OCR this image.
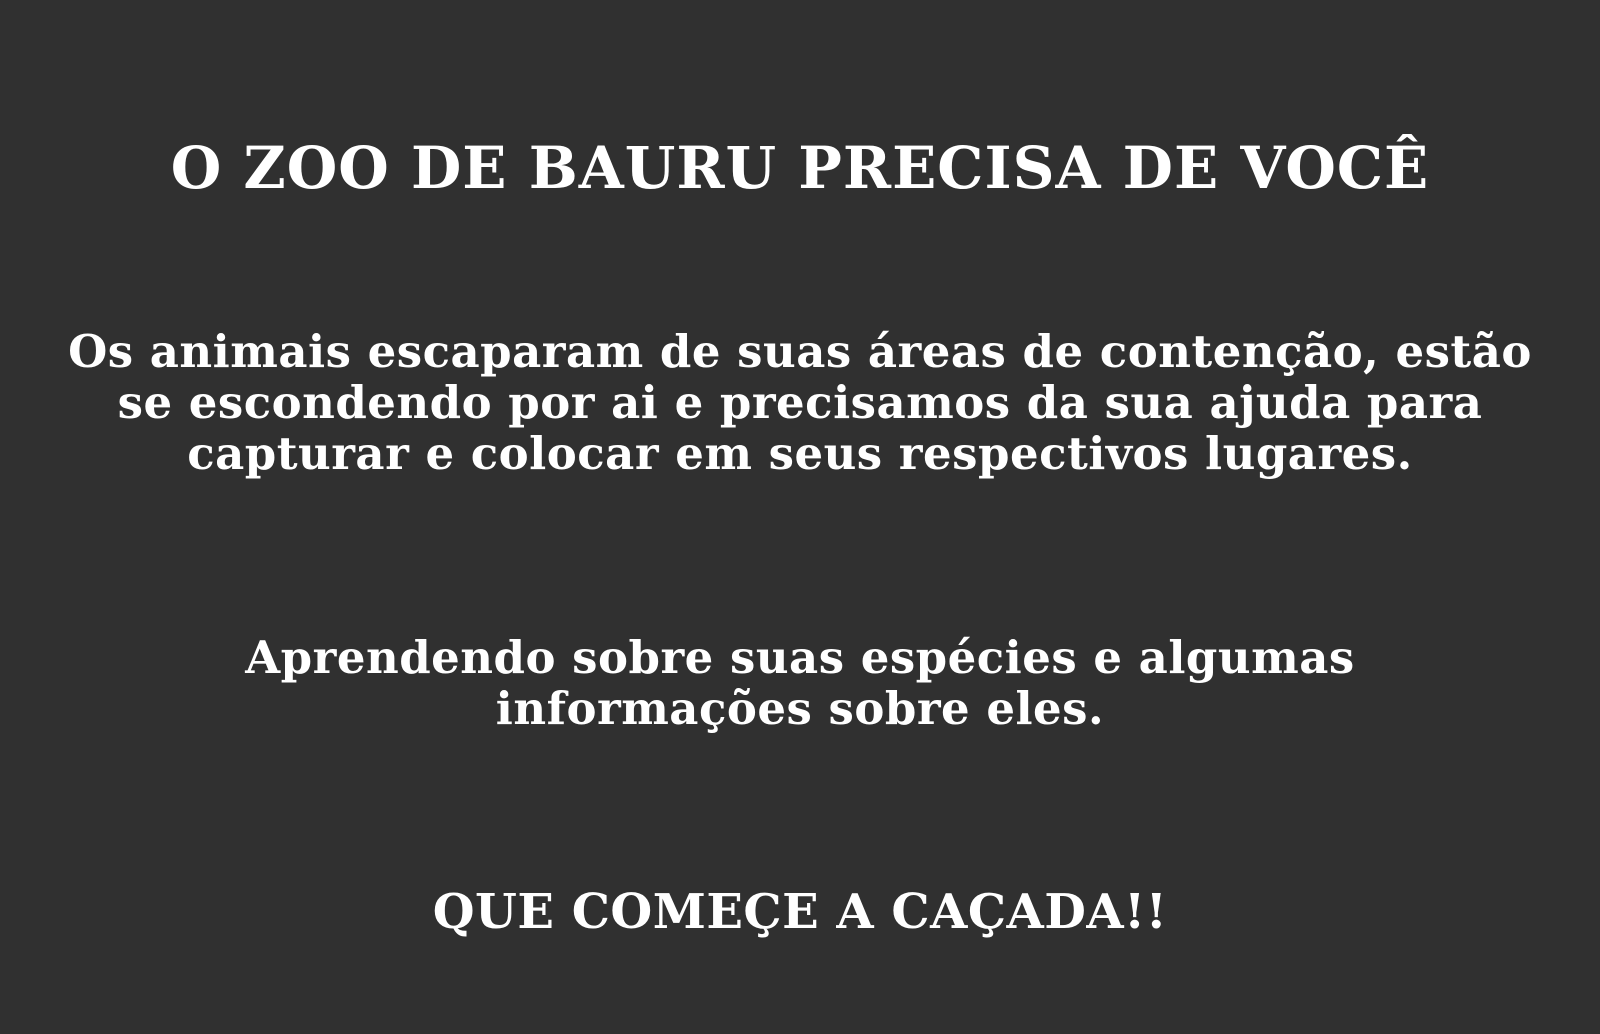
O ZOO DE BAURU PRECISA DE VOCÊ

Os animais escaparam de suas áreas de contenção, estão se escondendo por ai e precisamos da sua ajuda para capturar e colocar em seus respectivos lugares.

Aprendendo sobre suas espécies e algumas informações sobre eles.

QUE COMEÇE A CAÇADA!!
